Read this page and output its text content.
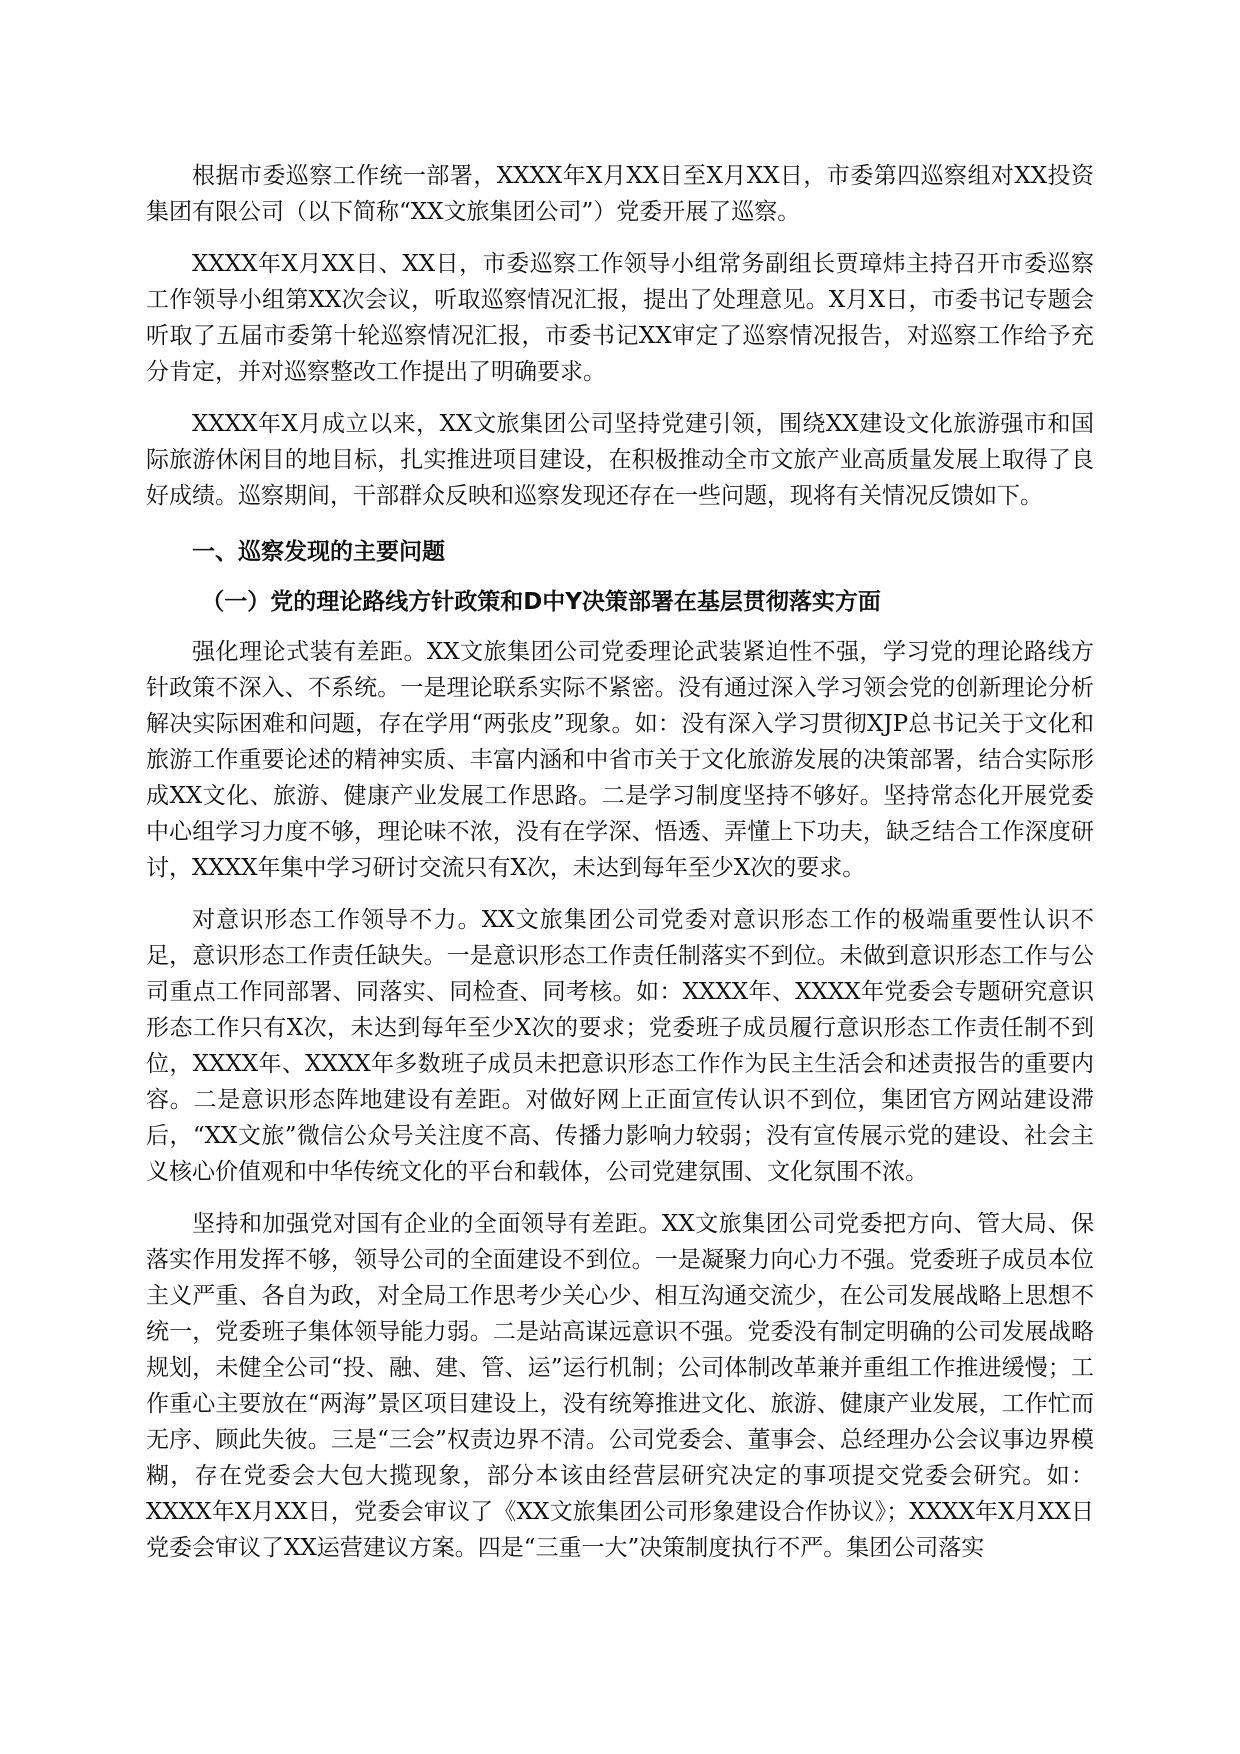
根据市委巡察工作统一部署，XXXX年X月XX日至X月XX日，市委第四巡察组对XX投资集团有限公司（以下简称“XX文旅集团公司”）党委开展了巡察。

XXXX年X月XX日、XX日，市委巡察工作领导小组常务副组长贾璋炜主持召开市委巡察工作领导小组第XX次会议，听取巡察情况汇报，提出了处理意见。X月X日，市委书记专题会听取了五届市委第十轮巡察情况汇报，市委书记XX审定了巡察情况报告，对巡察工作给予充分肯定，并对巡察整改工作提出了明确要求。

XXXX年X月成立以来，XX文旅集团公司坚持党建引领，围绕XX建设文化旅游强市和国际旅游休闲目的地目标，扎实推进项目建设，在积极推动全市文旅产业高质量发展上取得了良好成绩。巡察期间，干部群众反映和巡察发现还存在一些问题，现将有关情况反馈如下。

一、巡察发现的主要问题

（一）党的理论路线方针政策和D中Y决策部署在基层贯彻落实方面

强化理论式装有差距。XX文旅集团公司党委理论武装紧迫性不强，学习党的理论路线方针政策不深入、不系统。一是理论联系实际不紧密。没有通过深入学习领会党的创新理论分析解决实际困难和问题，存在学用“两张皮”现象。如：没有深入学习贯彻XJP总书记关于文化和旅游工作重要论述的精神实质、丰富内涵和中省市关于文化旅游发展的决策部署，结合实际形成XX文化、旅游、健康产业发展工作思路。二是学习制度坚持不够好。坚持常态化开展党委中心组学习力度不够，理论味不浓，没有在学深、悟透、弄懂上下功夫，缺乏结合工作深度研讨，XXXX年集中学习研讨交流只有X次，未达到每年至少X次的要求。

对意识形态工作领导不力。XX文旅集团公司党委对意识形态工作的极端重要性认识不足，意识形态工作责任缺失。一是意识形态工作责任制落实不到位。未做到意识形态工作与公司重点工作同部署、同落实、同检查、同考核。如：XXXX年、XXXX年党委会专题研究意识形态工作只有X次，未达到每年至少X次的要求；党委班子成员履行意识形态工作责任制不到位，XXXX年、XXXX年多数班子成员未把意识形态工作作为民主生活会和述责报告的重要内容。二是意识形态阵地建设有差距。对做好网上正面宣传认识不到位，集团官方网站建设滞后，“XX文旅”微信公众号关注度不高、传播力影响力较弱；没有宣传展示党的建设、社会主义核心价值观和中华传统文化的平台和载体，公司党建氛围、文化氛围不浓。

坚持和加强党对国有企业的全面领导有差距。XX文旅集团公司党委把方向、管大局、保落实作用发挥不够，领导公司的全面建设不到位。一是凝聚力向心力不强。党委班子成员本位主义严重、各自为政，对全局工作思考少关心少、相互沟通交流少，在公司发展战略上思想不统一，党委班子集体领导能力弱。二是站高谋远意识不强。党委没有制定明确的公司发展战略规划，未健全公司“投、融、建、管、运”运行机制；公司体制改革兼并重组工作推进缓慢；工作重心主要放在“两海”景区项目建设上，没有统筹推进文化、旅游、健康产业发展，工作忙而无序、顾此失彼。三是“三会”权责边界不清。公司党委会、董事会、总经理办公会议事边界模糊，存在党委会大包大揽现象，部分本该由经营层研究决定的事项提交党委会研究。如：XXXX年X月XX日，党委会审议了《XX文旅集团公司形象建设合作协议》；XXXX年X月XX日党委会审议了XX运营建议方案。四是“三重一大”决策制度执行不严。集团公司落实
